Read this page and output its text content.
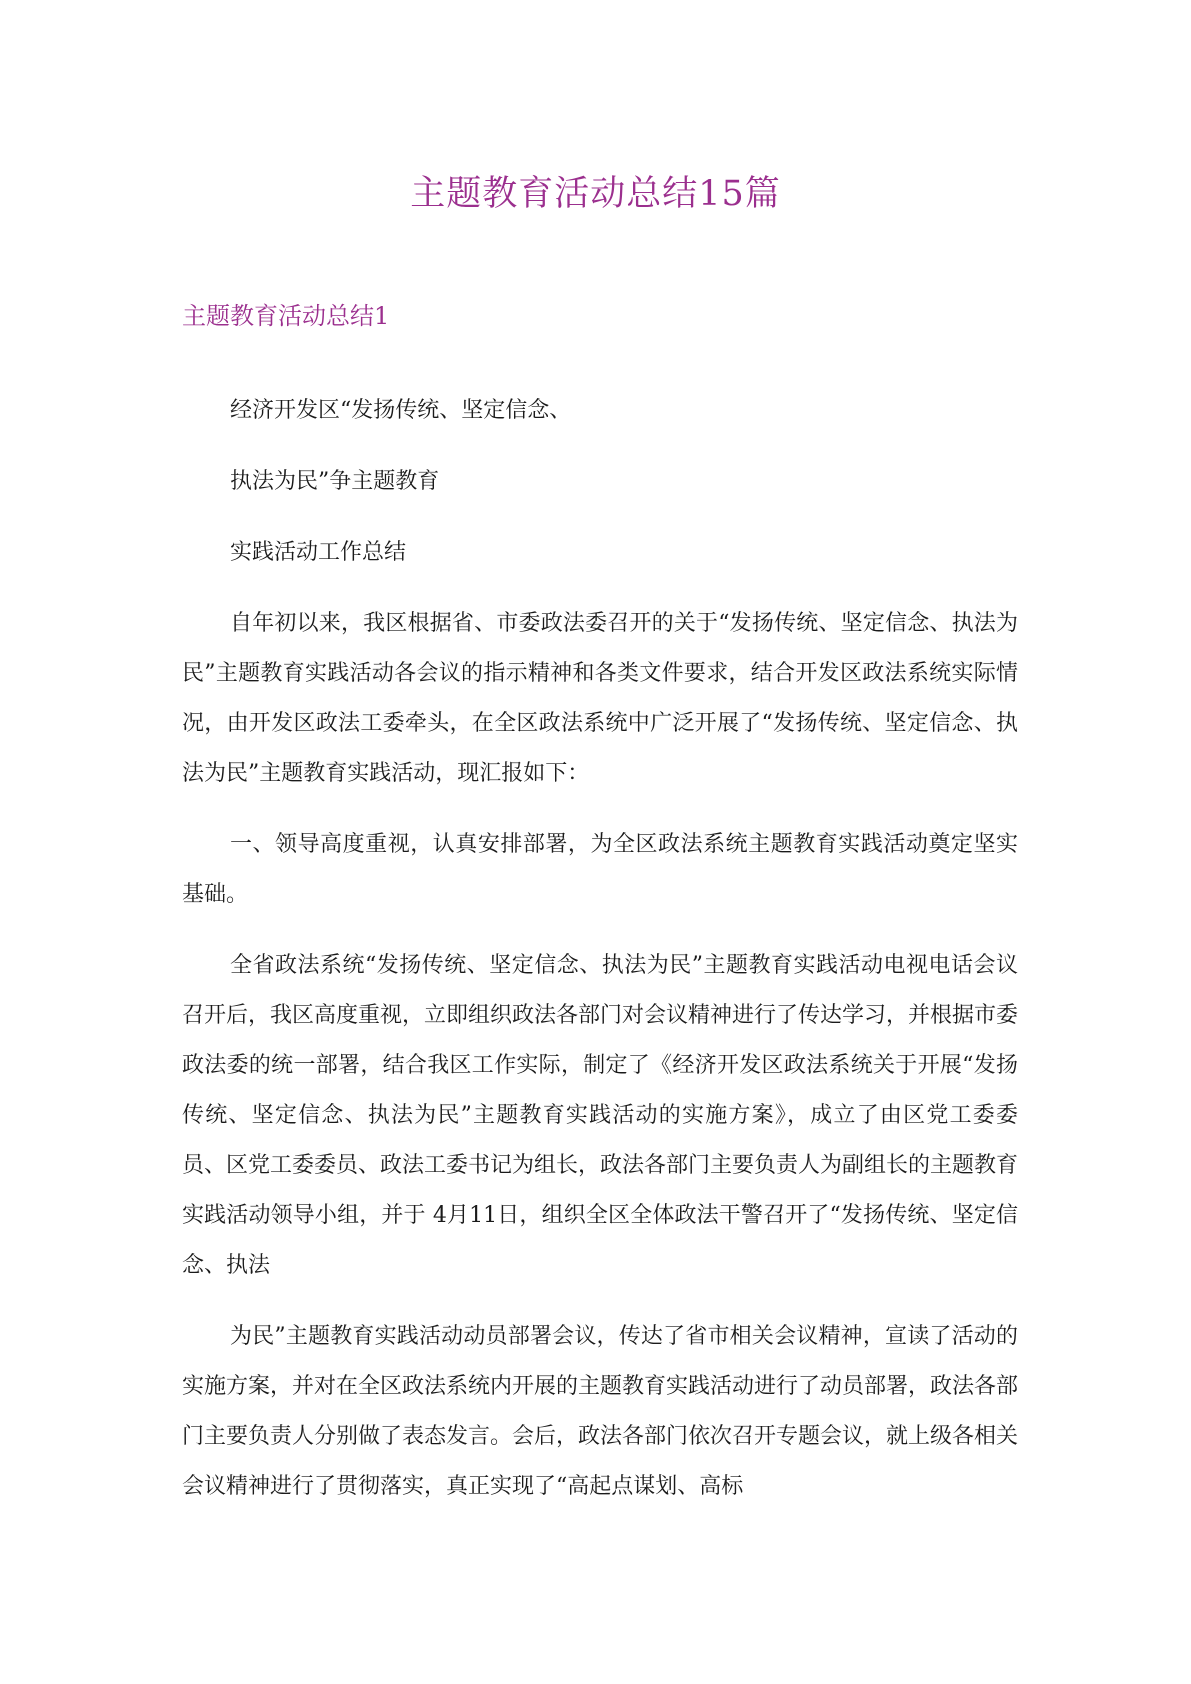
主题教育活动总结15篇
主题教育活动总结1

经济开发区“发扬传统、坚定信念、

执法为民”争主题教育

实践活动工作总结

自年初以来，我区根据省、市委政法委召开的关于“发扬传统、坚定信念、执法为民”主题教育实践活动各会议的指示精神和各类文件要求，结合开发区政法系统实际情况，由开发区政法工委牵头，在全区政法系统中广泛开展了“发扬传统、坚定信念、执法为民”主题教育实践活动，现汇报如下：

一、领导高度重视，认真安排部署，为全区政法系统主题教育实践活动奠定坚实基础。

全省政法系统“发扬传统、坚定信念、执法为民”主题教育实践活动电视电话会议召开后，我区高度重视，立即组织政法各部门对会议精神进行了传达学习，并根据市委政法委的统一部署，结合我区工作实际，制定了《经济开发区政法系统关于开展“发扬传统、坚定信念、执法为民”主题教育实践活动的实施方案》，成立了由区党工委委员、区党工委委员、政法工委书记为组长，政法各部门主要负责人为副组长的主题教育实践活动领导小组，并于 4月11日，组织全区全体政法干警召开了“发扬传统、坚定信念、执法

为民”主题教育实践活动动员部署会议，传达了省市相关会议精神，宣读了活动的实施方案，并对在全区政法系统内开展的主题教育实践活动进行了动员部署，政法各部门主要负责人分别做了表态发言。会后，政法各部门依次召开专题会议，就上级各相关会议精神进行了贯彻落实，真正实现了“高起点谋划、高标
